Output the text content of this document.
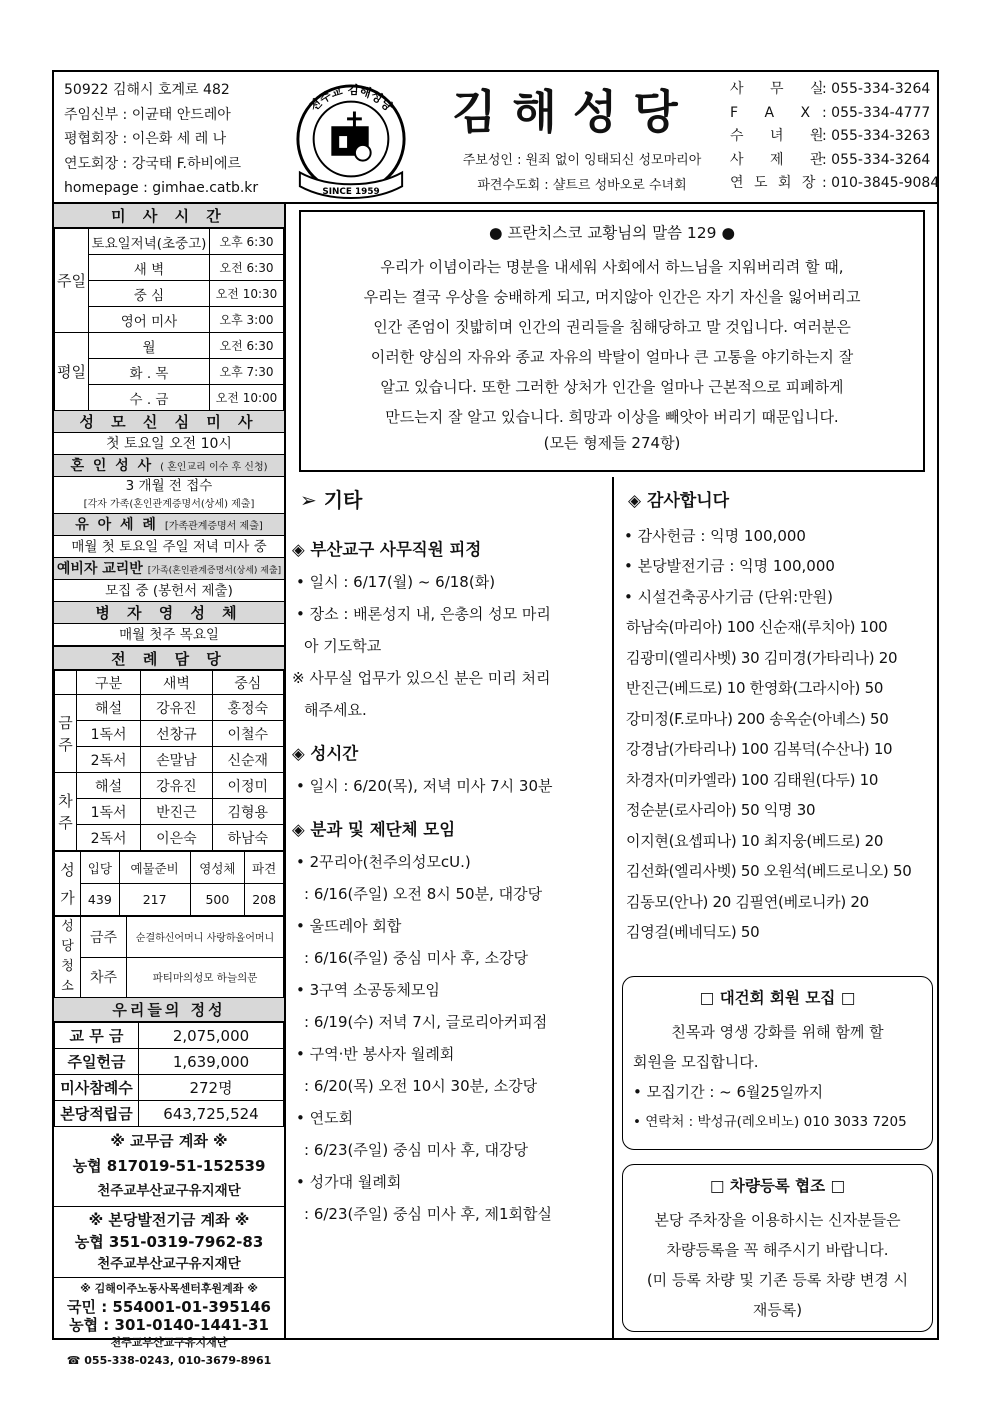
50922 김해시 호계로 482
주임신부 : 이균태 안드레아
평협회장 : 이은화 세 레 나
연도회장 : 강국태 F.하비에르
homepage : gimhae.catb.kr
천주교 김해성당
SINCE 1959
김해성당
주보성인 : 원죄 없이 잉태되신 성모마리아
파견수도회 : 샬트르 성바오로 수녀회
사 무 실
: 055-334-3264
F A X : 055-334-4777
수 녀 원
: 055-334-3263
사 제 관
: 055-334-3264
연 도 회 장 : 010-3845-9084
미 사 시 간
주일	토요일저녁(초중고)	오후 6:30
	새 벽	오전 6:30
	중 심	오전 10:30
	영어 미사	오후 3:00
평일	월	오전 6:30
	화 . 목	오후 7:30
	수 . 금	오전 10:00
성 모 신 심 미 사
첫 토요일 오전 10시
혼 인 성 사 ( 혼인교리 이수 후 신청)
3 개월 전 접수
[각자 가족(혼인관계증명서(상세) 제출]
유 아 세 례 [가족관계증명서 제출]
매월 첫 토요일 주일 저녁 미사 중
예비자 교리반 [가족(혼인관계증명서(상세) 제출]
모집 중 (봉헌서 제출)
병 자 영 성 체
매월 첫주 목요일
전 례 담 당
	구분	새벽	중심
금주	해설	강유진	홍정숙
	1독서	선창규	이철수
	2독서	손말남	신순재
차주	해설	강유진	이정미
	1독서	반진근	김형용
	2독서	이은숙	하남숙
성가	입당	예물준비	영성체	파견
	439	217	500	208
성당청소	금주	순결하신어머니 사랑하올어머니
	차주	파티마의성모 하늘의문
우리들의 정성
교 무 금	2,075,000
주일헌금	1,639,000
미사참례수	272명
본당적립금	643,725,524
※ 교무금 계좌 ※
농협 817019-51-152539
천주교부산교구유지재단
※ 본당발전기금 계좌 ※
농협 351-0319-7962-83
천주교부산교구유지재단
※ 김해이주노동사목센터후원계좌 ※
국민 : 554001-01-395146
농협 : 301-0140-1441-31
천주교부산교구유지재단
☎ 055-338-0243, 010-3679-8961
● 프란치스코 교황님의 말씀 129 ●
우리가 이념이라는 명분을 내세워 사회에서 하느님을 지워버리려 할 때,
우리는 결국 우상을 숭배하게 되고, 머지않아 인간은 자기 자신을 잃어버리고
인간 존엄이 짓밟히며 인간의 권리들을 침해당하고 말 것입니다. 여러분은
이러한 양심의 자유와 종교 자유의 박탈이 얼마나 큰 고통을 야기하는지 잘
알고 있습니다. 또한 그러한 상처가 인간을 얼마나 근본적으로 피폐하게
만드는지 잘 알고 있습니다. 희망과 이상을 빼앗아 버리기 때문입니다.
(모든 형제들 274항)
➢ 기타
◈ 부산교구 사무직원 피정
• 일시 : 6/17(월) ~ 6/18(화)
• 장소 : 배론성지 내, 은총의 성모 마리
아 기도학교
※ 사무실 업무가 있으신 분은 미리 처리
해주세요.
◈ 성시간
• 일시 : 6/20(목), 저녁 미사 7시 30분
◈ 분과 및 제단체 모임
• 2꾸리아(천주의성모cU.)
: 6/16(주일) 오전 8시 50분, 대강당
• 울뜨레아 회합
: 6/16(주일) 중심 미사 후, 소강당
• 3구역 소공동체모임
: 6/19(수) 저녁 7시, 글로리아커피점
• 구역·반 봉사자 월례회
: 6/20(목) 오전 10시 30분, 소강당
• 연도회
: 6/23(주일) 중심 미사 후, 대강당
• 성가대 월례회
: 6/23(주일) 중심 미사 후, 제1회합실
◈ 감사합니다
• 감사헌금 : 익명 100,000
• 본당발전기금 : 익명 100,000
• 시설건축공사기금 (단위:만원)
하남숙(마리아) 100 신순재(루치아) 100
김광미(엘리사벳) 30 김미경(가타리나) 20
반진근(베드로) 10 한영화(그라시아) 50
강미정(F.로마나) 200 송옥순(아녜스) 50
강경남(가타리나) 100 김복덕(수산나) 10
차경자(미카엘라) 100 김태원(다두) 10
정순분(로사리아) 50 익명 30
이지현(요셉피나) 10 최지웅(베드로) 20
김선화(엘리사벳) 50 오원석(베드로니오) 50
김동모(안나) 20 김필연(베로니카) 20
김영걸(베네딕도) 50
□ 대건회 회원 모집 □
친목과 영생 강화를 위해 함께 할
회원을 모집합니다.
• 모집기간 : ~ 6월25일까지
• 연락처 : 박성규(레오비노) 010 3033 7205
□ 차량등록 협조 □
본당 주차장을 이용하시는 신자분들은
차량등록을 꼭 해주시기 바랍니다.
(미 등록 차량 및 기존 등록 차량 변경 시
재등록)
